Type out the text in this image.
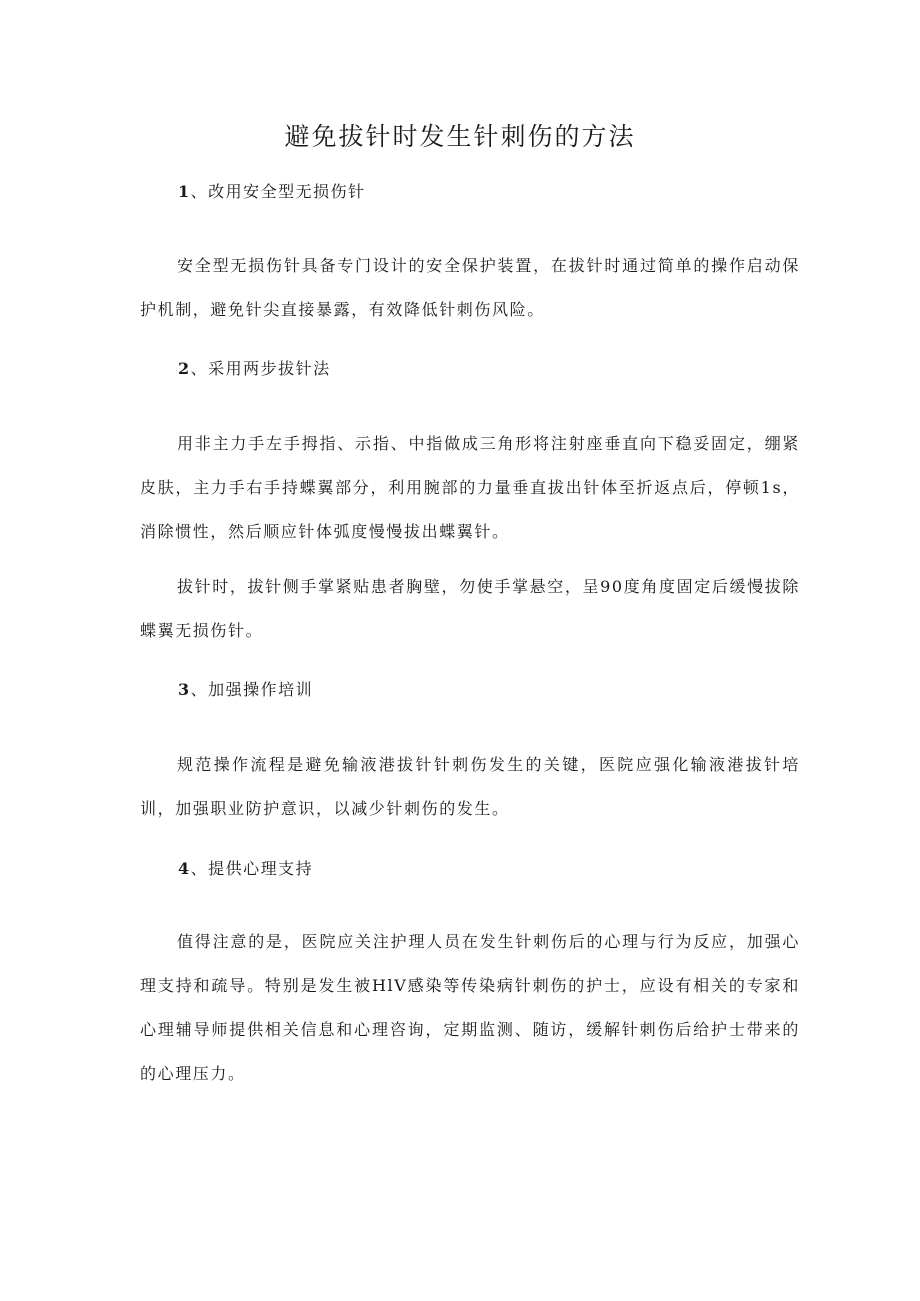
避免拔针时发生针刺伤的方法
1、改用安全型无损伤针

安全型无损伤针具备专门设计的安全保护装置，在拔针时通过简单的操作启动保护机制，避免针尖直接暴露，有效降低针刺伤风险。

2、采用两步拔针法

用非主力手左手拇指、示指、中指做成三角形将注射座垂直向下稳妥固定，绷紧皮肤，主力手右手持蝶翼部分，利用腕部的力量垂直拔出针体至折返点后，停顿1s，消除惯性，然后顺应针体弧度慢慢拔出蝶翼针。

拔针时，拔针侧手掌紧贴患者胸壁，勿使手掌悬空，呈90度角度固定后缓慢拔除蝶翼无损伤针。

3、加强操作培训

规范操作流程是避免输液港拔针针刺伤发生的关键，医院应强化输液港拔针培训，加强职业防护意识，以减少针刺伤的发生。

4、提供心理支持

值得注意的是，医院应关注护理人员在发生针刺伤后的心理与行为反应，加强心理支持和疏导。特别是发生被HlV感染等传染病针刺伤的护士，应设有相关的专家和心理辅导师提供相关信息和心理咨询，定期监测、随访，缓解针刺伤后给护士带来的的心理压力。
